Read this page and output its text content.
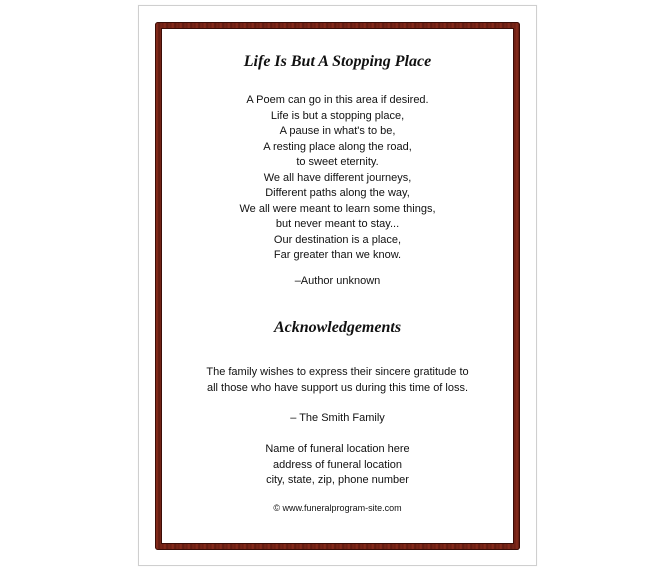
Life Is But A Stopping Place
A Poem can go in this area if desired.
Life is but a stopping place,
A pause in what's to be,
A resting place along the road,
to sweet eternity.
We all have different journeys,
Different paths along the way,
We all were meant to learn some things,
but never meant to stay...
Our destination is a place,
Far greater than we know.
–Author unknown
Acknowledgements
The family wishes to express their sincere gratitude to
all those who have support us during this time of loss.
– The Smith Family
Name of funeral location here
address of funeral location
city, state, zip, phone number
© www.funeralprogram-site.com
